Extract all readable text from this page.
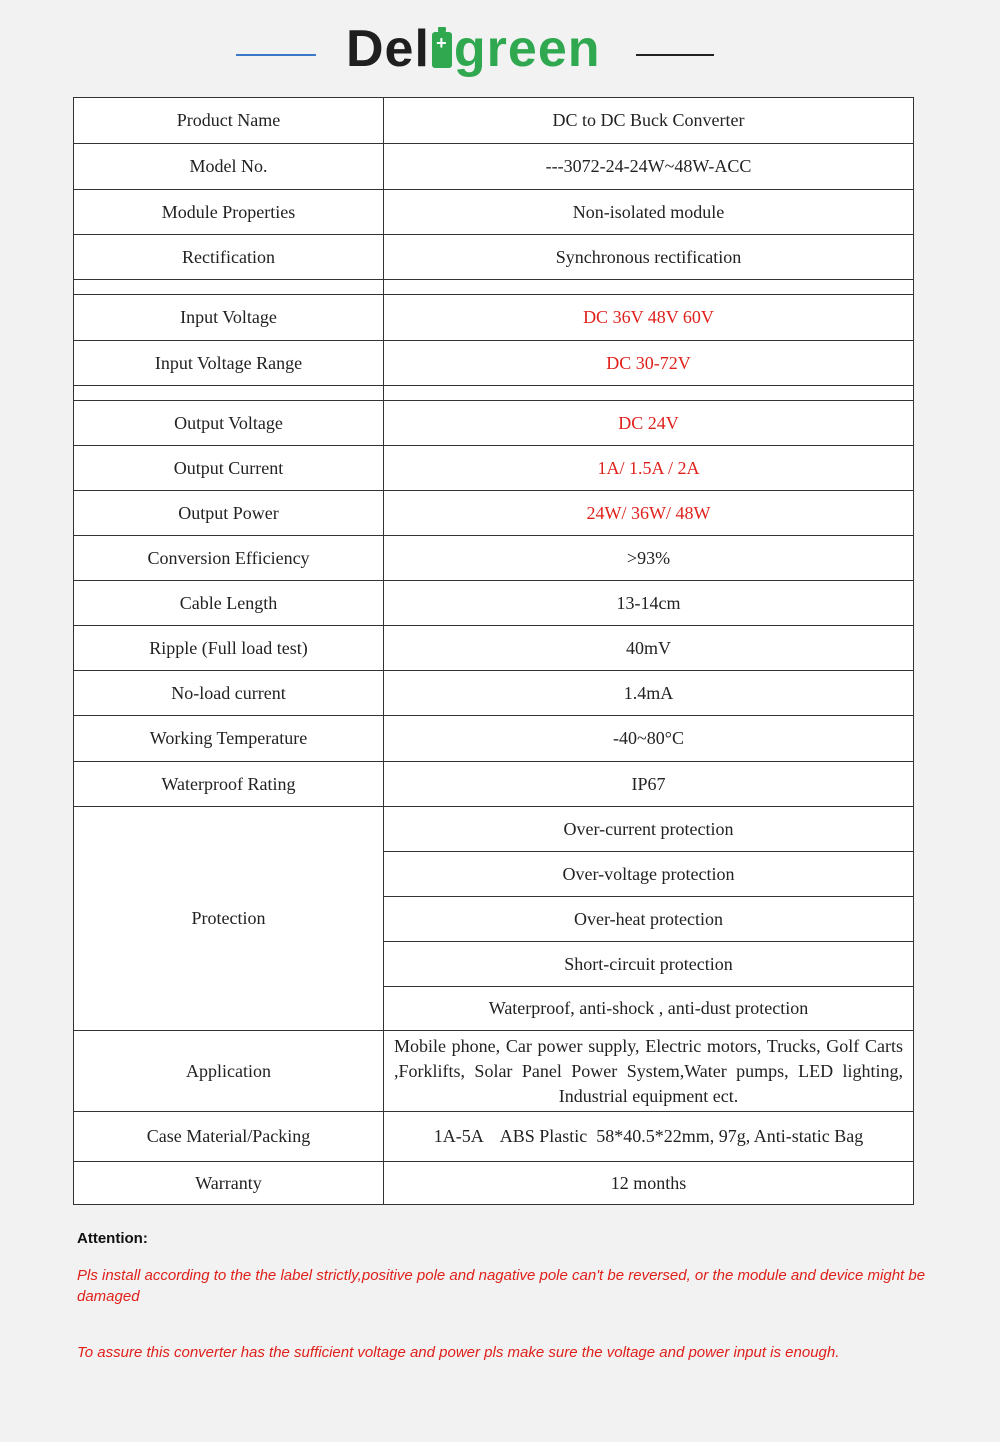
Del + green
Product Name	DC to DC Buck Converter
Model No.	---3072-24-24W~48W-ACC
Module Properties	Non-isolated module
Rectification	Synchronous rectification

Input Voltage	DC 36V 48V 60V
Input Voltage Range	DC 30-72V

Output Voltage	DC 24V
Output Current	1A/ 1.5A / 2A
Output Power	24W/ 36W/ 48W
Conversion Efficiency	>93%
Cable Length	13-14cm
Ripple (Full load test)	40mV
No-load current	1.4mA
Working Temperature	-40~80°C
Waterproof Rating	IP67
Protection	Over-current protection
	Over-voltage protection
	Over-heat protection
	Short-circuit protection
	Waterproof, anti-shock , anti-dust protection
Application	Mobile phone, Car power supply, Electric motors, Trucks, Golf Carts ,Forklifts, Solar Panel Power System,Water pumps, LED lighting, Industrial equipment ect.
Case Material/Packing	1A-5A    ABS Plastic  58*40.5*22mm, 97g, Anti-static Bag
Warranty	12 months

Attention:

Pls install according to the the label strictly,positive pole and nagative pole can't be reversed, or the module and device might be damaged

To assure this converter has the sufficient voltage and power pls make sure the voltage and power input is enough.
